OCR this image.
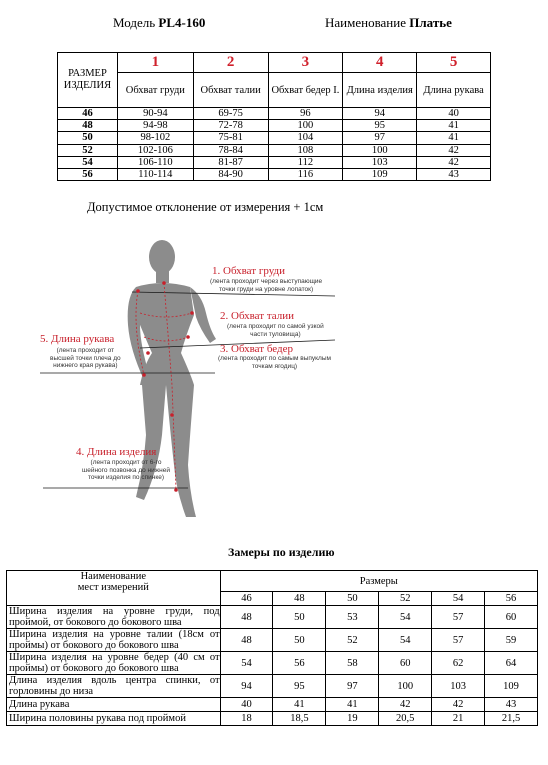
Модель PL4-160	Наименование Платье
РАЗМЕР ИЗДЕЛИЯ	1	2	3	4	5
	Обхват груди	Обхват талии	Обхват бедер I.	Длина изделия	Длина рукава
46	90-94	69-75	96	94	40
48	94-98	72-78	100	95	41
50	98-102	75-81	104	97	41
52	102-106	78-84	108	100	42
54	106-110	81-87	112	103	42
56	110-114	84-90	116	109	43
Допустимое отклонение от измерения + 1см
1. Обхват груди
(лента проходит через выступающие
точки груди на уровне лопаток)
2. Обхват талии
(лента проходит по самой узкой
части туловища)
3. Обхват бедер
(лента проходит по самым выпуклым
точкам ягодиц)
5. Длина рукава
(лента проходит от
высшей точки плеча до
нижнего края рукава)
4. Длина изделия
(лента проходит от 6-го
шейного позвонка до нижней
точки изделия по спинке)
Замеры по изделию
Наименование
мест измерений	Размеры					
	46	48	50	52	54	56
Ширина изделия на уровне груди, под проймой, от бокового до бокового шва	48	50	53	54	57	60
Ширина изделия на уровне талии (18см от проймы) от бокового до бокового шва	48	50	52	54	57	59
Ширина изделия на уровне бедер (40 см от проймы) от бокового до бокового шва	54	56	58	60	62	64
Длина изделия вдоль центра спинки, от горловины до низа	94	95	97	100	103	109
Длина рукава	40	41	41	42	42	43
Ширина половины рукава под проймой	18	18,5	19	20,5	21	21,5
